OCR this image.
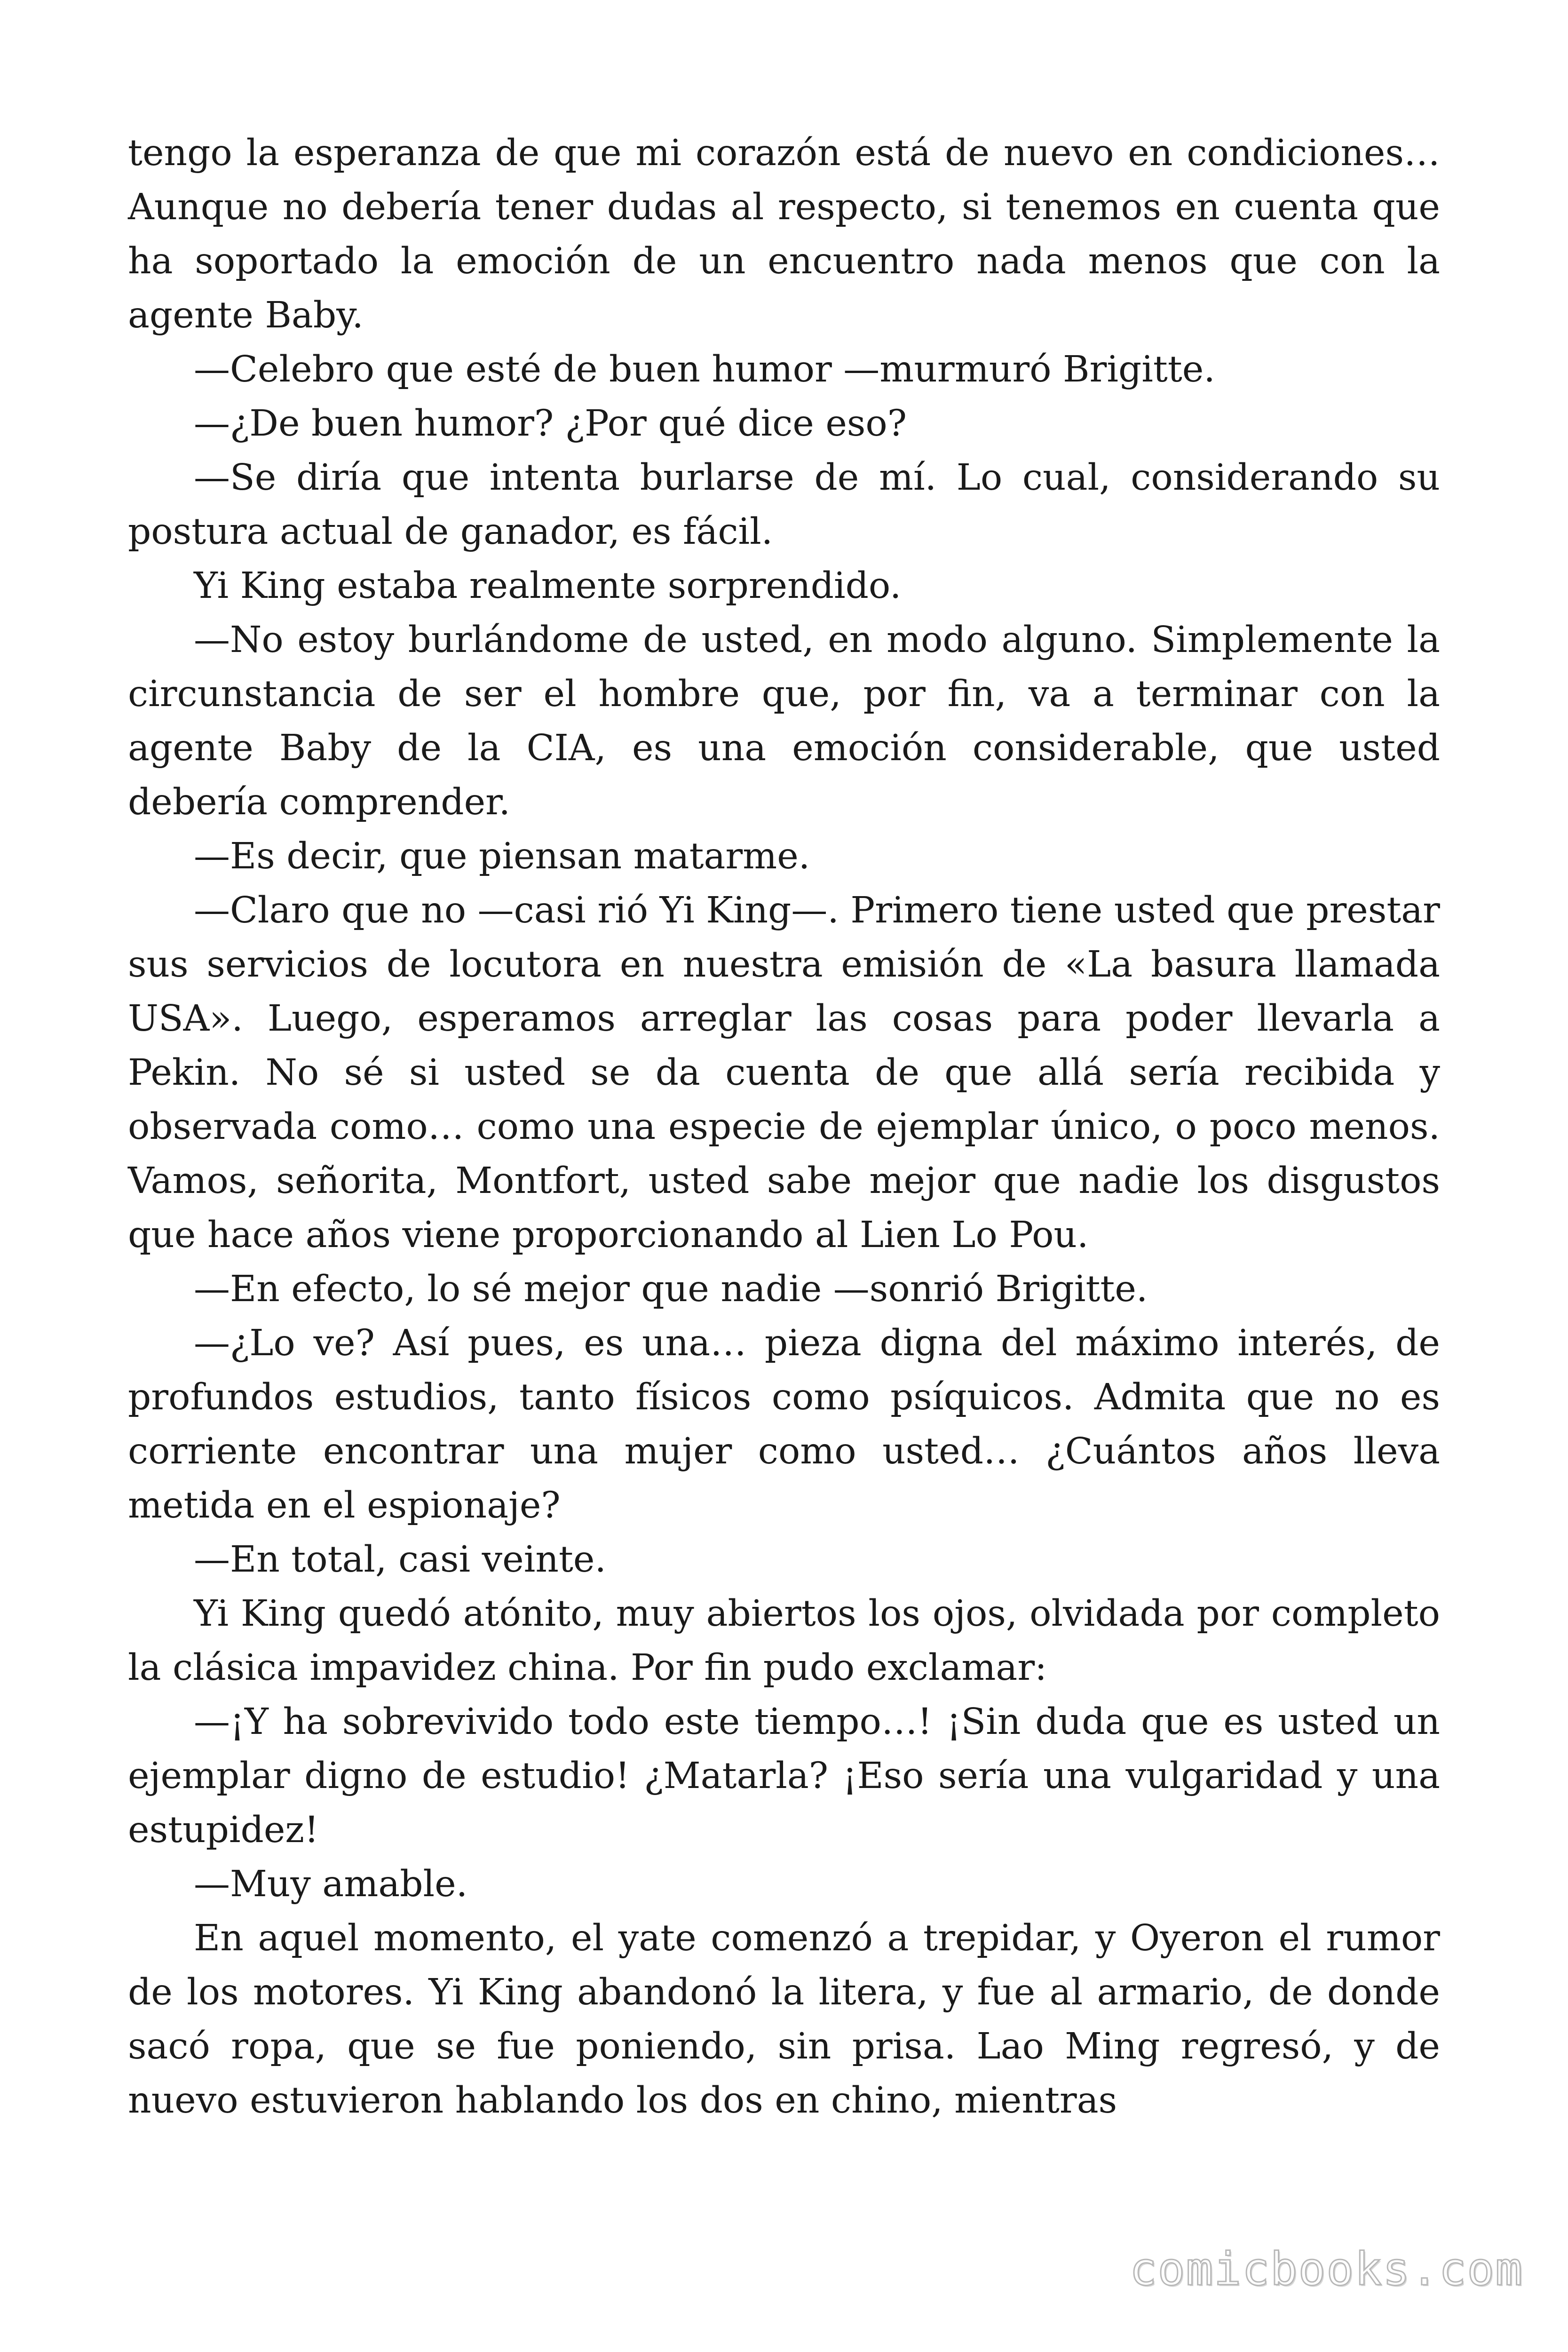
tengo la esperanza de que mi corazón está de nuevo en condiciones… Aunque no debería tener dudas al respecto, si tenemos en cuenta que ha soportado la emoción de un encuentro nada menos que con la agente Baby.

—Celebro que esté de buen humor —murmuró Brigitte.

—¿De buen humor? ¿Por qué dice eso?

—Se diría que intenta burlarse de mí. Lo cual, considerando su postura actual de ganador, es fácil.

Yi King estaba realmente sorprendido.

—No estoy burlándome de usted, en modo alguno. Simplemente la circunstancia de ser el hombre que, por fin, va a terminar con la agente Baby de la CIA, es una emoción considerable, que usted debería comprender.

—Es decir, que piensan matarme.

—Claro que no —casi rió Yi King—. Primero tiene usted que prestar sus servicios de locutora en nuestra emisión de «La basura llamada USA». Luego, esperamos arreglar las cosas para poder llevarla a Pekin. No sé si usted se da cuenta de que allá sería recibida y observada como… como una especie de ejemplar único, o poco menos. Vamos, señorita, Montfort, usted sabe mejor que nadie los disgustos que hace años viene proporcionando al Lien Lo Pou.

—En efecto, lo sé mejor que nadie —sonrió Brigitte.

—¿Lo ve? Así pues, es una… pieza digna del máximo interés, de profundos estudios, tanto físicos como psíquicos. Admita que no es corriente encontrar una mujer como usted… ¿Cuántos años lleva metida en el espionaje?

—En total, casi veinte.

Yi King quedó atónito, muy abiertos los ojos, olvidada por completo la clásica impavidez china. Por fin pudo exclamar:

—¡Y ha sobrevivido todo este tiempo…! ¡Sin duda que es usted un ejemplar digno de estudio! ¿Matarla? ¡Eso sería una vulgaridad y una estupidez!

—Muy amable.

En aquel momento, el yate comenzó a trepidar, y Oyeron el rumor de los motores. Yi King abandonó la litera, y fue al armario, de donde sacó ropa, que se fue poniendo, sin prisa. Lao Ming regresó, y de nuevo estuvieron hablando los dos en chino, mientras

comicbooks.com
